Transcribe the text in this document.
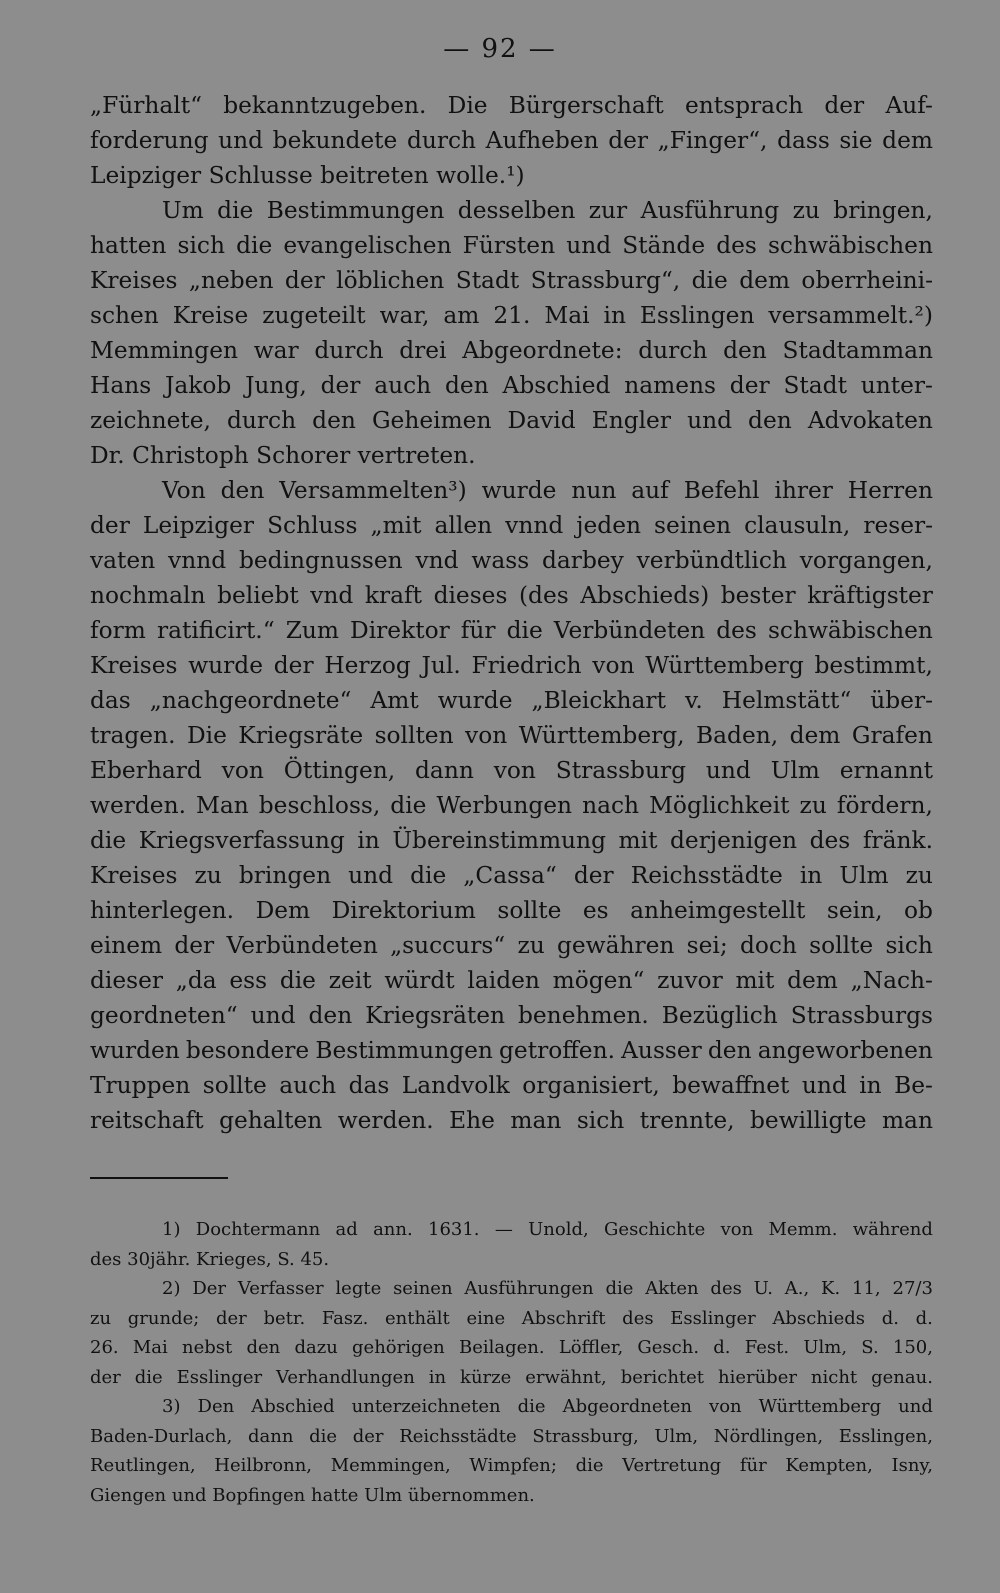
— 92 —
„Fürhalt“ bekanntzugeben. Die Bürgerschaft entsprach der Auf-
forderung und bekundete durch Aufheben der „Finger“, dass sie dem
Leipziger Schlusse beitreten wolle.¹)
Um die Bestimmungen desselben zur Ausführung zu bringen,
hatten sich die evangelischen Fürsten und Stände des schwäbischen
Kreises „neben der löblichen Stadt Strassburg“, die dem oberrheini-
schen Kreise zugeteilt war, am 21. Mai in Esslingen versammelt.²)
Memmingen war durch drei Abgeordnete: durch den Stadtamman
Hans Jakob Jung, der auch den Abschied namens der Stadt unter-
zeichnete, durch den Geheimen David Engler und den Advokaten
Dr. Christoph Schorer vertreten.
Von den Versammelten³) wurde nun auf Befehl ihrer Herren
der Leipziger Schluss „mit allen vnnd jeden seinen clausuln, reser-
vaten vnnd bedingnussen vnd wass darbey verbündtlich vorgangen,
nochmaln beliebt vnd kraft dieses (des Abschieds) bester kräftigster
form ratificirt.“ Zum Direktor für die Verbündeten des schwäbischen
Kreises wurde der Herzog Jul. Friedrich von Württemberg bestimmt,
das „nachgeordnete“ Amt wurde „Bleickhart v. Helmstätt“ über-
tragen. Die Kriegsräte sollten von Württemberg, Baden, dem Grafen
Eberhard von Öttingen, dann von Strassburg und Ulm ernannt
werden. Man beschloss, die Werbungen nach Möglichkeit zu fördern,
die Kriegsverfassung in Übereinstimmung mit derjenigen des fränk.
Kreises zu bringen und die „Cassa“ der Reichsstädte in Ulm zu
hinterlegen. Dem Direktorium sollte es anheimgestellt sein, ob
einem der Verbündeten „succurs“ zu gewähren sei; doch sollte sich
dieser „da ess die zeit würdt laiden mögen“ zuvor mit dem „Nach-
geordneten“ und den Kriegsräten benehmen. Bezüglich Strassburgs
wurden besondere Bestimmungen getroffen. Ausser den angeworbenen
Truppen sollte auch das Landvolk organisiert, bewaffnet und in Be-
reitschaft gehalten werden. Ehe man sich trennte, bewilligte man
1) Dochtermann ad ann. 1631. — Unold, Geschichte von Memm. während
des 30jähr. Krieges, S. 45.
2) Der Verfasser legte seinen Ausführungen die Akten des U. A., K. 11, 27/3
zu grunde; der betr. Fasz. enthält eine Abschrift des Esslinger Abschieds d. d.
26. Mai nebst den dazu gehörigen Beilagen. Löffler, Gesch. d. Fest. Ulm, S. 150,
der die Esslinger Verhandlungen in kürze erwähnt, berichtet hierüber nicht genau.
3) Den Abschied unterzeichneten die Abgeordneten von Württemberg und
Baden-Durlach, dann die der Reichsstädte Strassburg, Ulm, Nördlingen, Esslingen,
Reutlingen, Heilbronn, Memmingen, Wimpfen; die Vertretung für Kempten, Isny,
Giengen und Bopfingen hatte Ulm übernommen.
